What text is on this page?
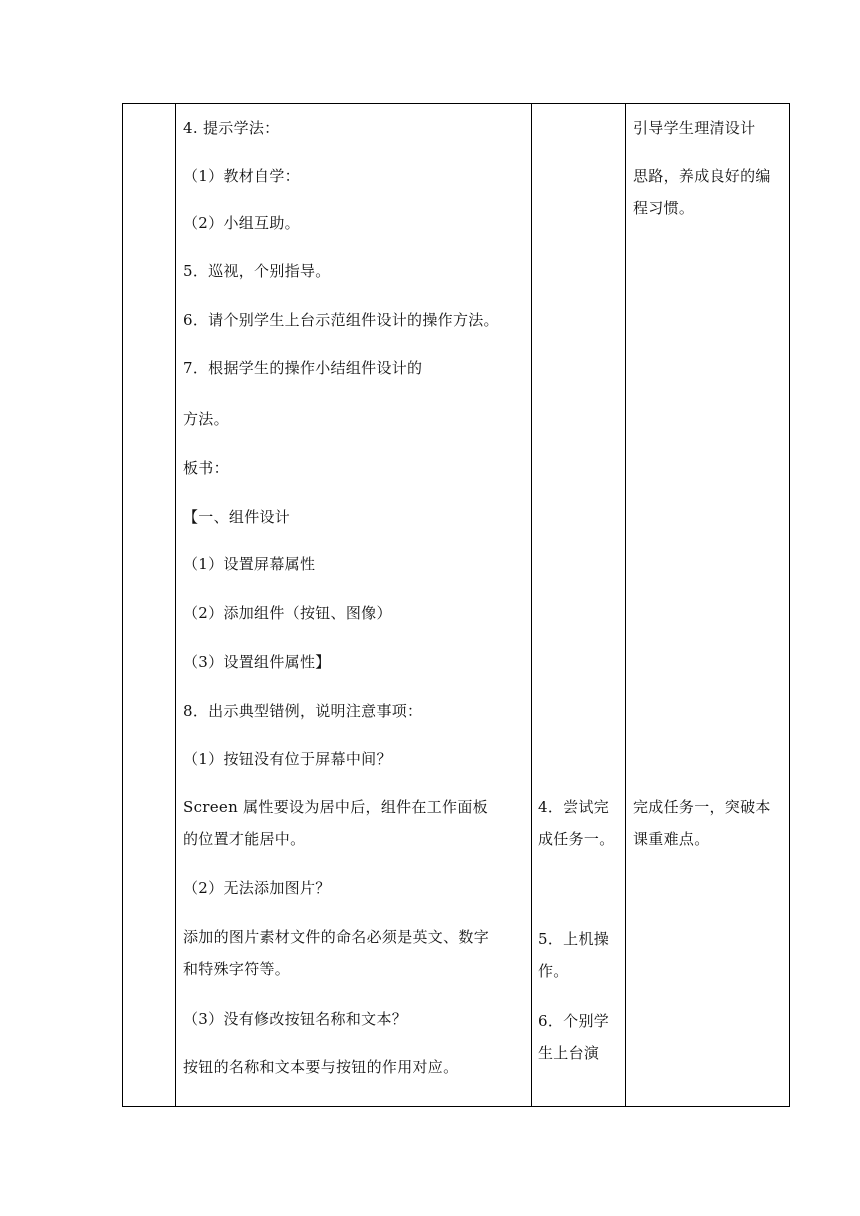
4. 提示学法：
（1）教材自学：
（2）小组互助。
5．巡视，个别指导。
6．请个别学生上台示范组件设计的操作方法。
7．根据学生的操作小结组件设计的
方法。
板书：
【一、组件设计
（1）设置屏幕属性
（2）添加组件（按钮、图像）
（3）设置组件属性】
8．出示典型错例，说明注意事项：
（1）按钮没有位于屏幕中间？
Screen 属性要设为居中后，组件在工作面板
的位置才能居中。
（2）无法添加图片？
添加的图片素材文件的命名必须是英文、数字
和特殊字符等。
（3）没有修改按钮名称和文本？
按钮的名称和文本要与按钮的作用对应。
4．尝试完
成任务一。
5．上机操
作。
6．个别学
生上台演
引导学生理清设计
思路，养成良好的编
程习惯。
完成任务一，突破本
课重难点。
